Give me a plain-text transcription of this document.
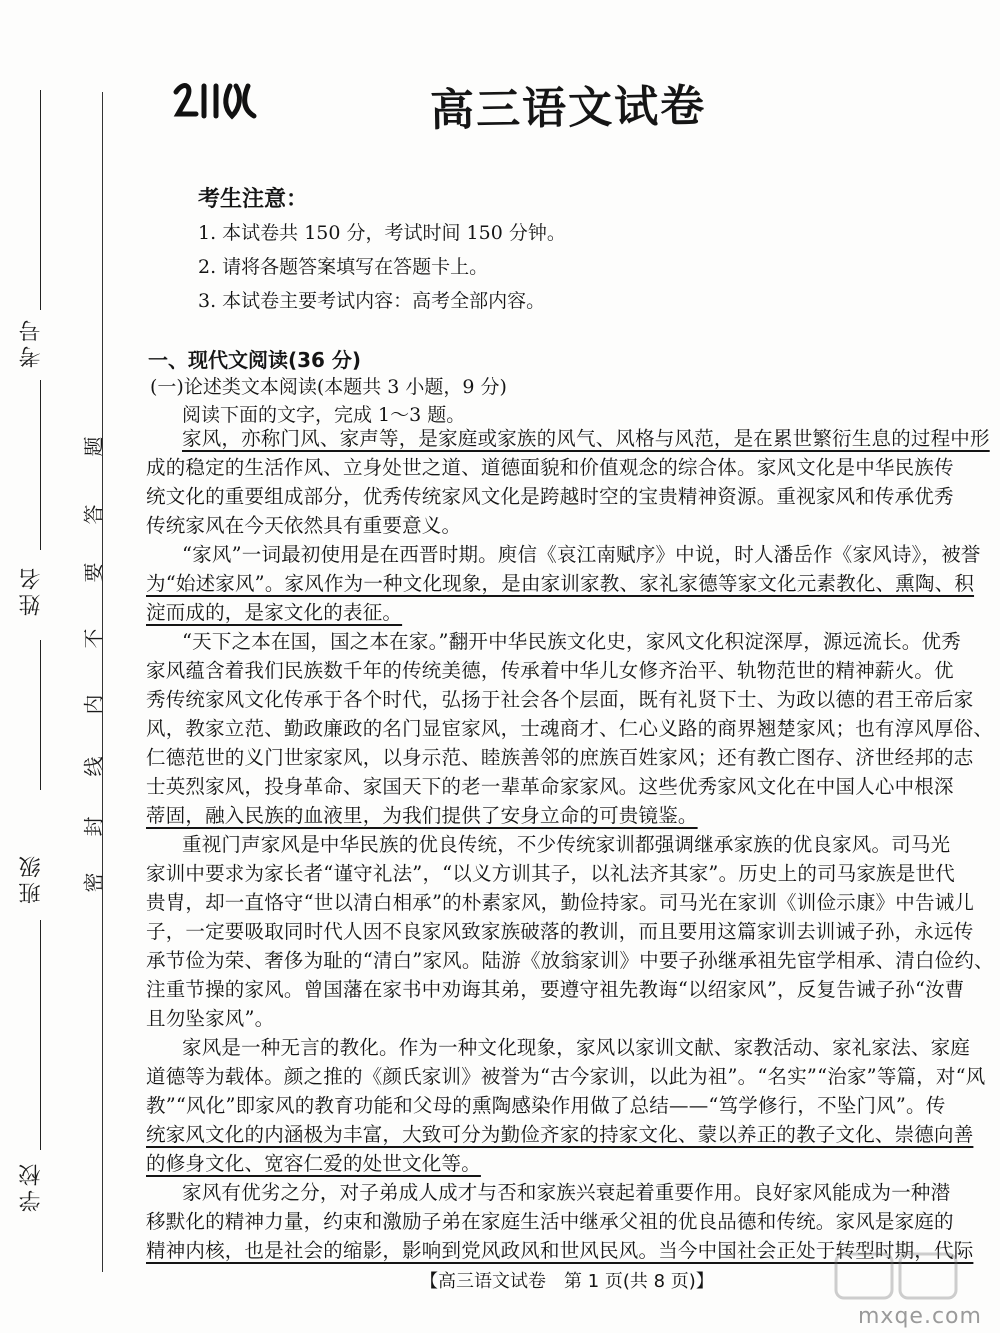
考号
姓名
班级
学校
题
答
要
不
内
线
封
密
高三语文试卷
考生注意：
1. 本试卷共 150 分，考试时间 150 分钟。
2. 请将各题答案填写在答题卡上。
3. 本试卷主要考试内容：高考全部内容。
一、现代文阅读(36 分)
(一)论述类文本阅读(本题共 3 小题，9 分)
阅读下面的文字，完成 1～3 题。
家风，亦称门风、家声等，是家庭或家族的风气、风格与风范，是在累世繁衍生息的过程中形
成的稳定的生活作风、立身处世之道、道德面貌和价值观念的综合体。家风文化是中华民族传
统文化的重要组成部分，优秀传统家风文化是跨越时空的宝贵精神资源。重视家风和传承优秀
传统家风在今天依然具有重要意义。
“家风”一词最初使用是在西晋时期。庾信《哀江南赋序》中说，时人潘岳作《家风诗》，被誉
为“始述家风”。家风作为一种文化现象，是由家训家教、家礼家德等家文化元素教化、熏陶、积
淀而成的，是家文化的表征。
“天下之本在国，国之本在家。”翻开中华民族文化史，家风文化积淀深厚，源远流长。优秀
家风蕴含着我们民族数千年的传统美德，传承着中华儿女修齐治平、轨物范世的精神薪火。优
秀传统家风文化传承于各个时代，弘扬于社会各个层面，既有礼贤下士、为政以德的君王帝后家
风，教家立范、勤政廉政的名门显宦家风，士魂商才、仁心义路的商界翘楚家风；也有淳风厚俗、
仁德范世的义门世家家风，以身示范、睦族善邻的庶族百姓家风；还有教亡图存、济世经邦的志
士英烈家风，投身革命、家国天下的老一辈革命家家风。这些优秀家风文化在中国人心中根深
蒂固，融入民族的血液里，为我们提供了安身立命的可贵镜鉴。
重视门声家风是中华民族的优良传统，不少传统家训都强调继承家族的优良家风。司马光
家训中要求为家长者“谨守礼法”，“以义方训其子，以礼法齐其家”。历史上的司马家族是世代
贵胄，却一直恪守“世以清白相承”的朴素家风，勤俭持家。司马光在家训《训俭示康》中告诫儿
子，一定要吸取同时代人因不良家风致家族破落的教训，而且要用这篇家训去训诫子孙，永远传
承节俭为荣、奢侈为耻的“清白”家风。陆游《放翁家训》中要子孙继承祖先宦学相承、清白俭约、
注重节操的家风。曾国藩在家书中劝诲其弟，要遵守祖先教诲“以绍家风”，反复告诫子孙“汝曹
且勿坠家风”。
家风是一种无言的教化。作为一种文化现象，家风以家训文献、家教活动、家礼家法、家庭
道德等为载体。颜之推的《颜氏家训》被誉为“古今家训，以此为祖”。“名实”“治家”等篇，对“风
教”“风化”即家风的教育功能和父母的熏陶感染作用做了总结——“笃学修行，不坠门风”。传
统家风文化的内涵极为丰富，大致可分为勤俭齐家的持家文化、蒙以养正的教子文化、崇德向善
的修身文化、宽容仁爱的处世文化等。
家风有优劣之分，对子弟成人成才与否和家族兴衰起着重要作用。良好家风能成为一种潜
移默化的精神力量，约束和激励子弟在家庭生活中继承父祖的优良品德和传统。家风是家庭的
精神内核，也是社会的缩影，影响到党风政风和世风民风。当今中国社会正处于转型时期，代际
【高三语文试卷　第 1 页(共 8 页)】
mxqe.com
